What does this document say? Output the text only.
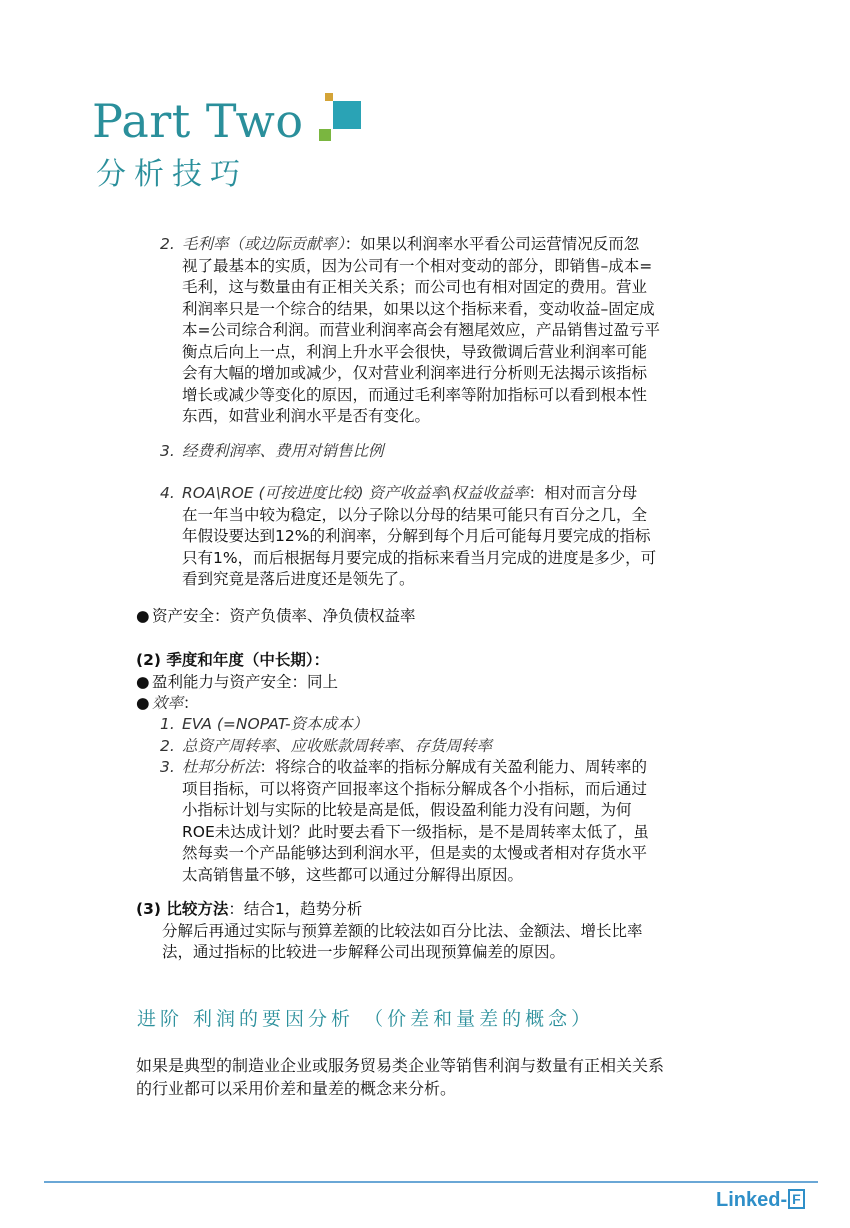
Part Two
分析技巧
2. 毛利率（或边际贡献率）：如果以利润率水平看公司运营情况反而忽
视了最基本的实质，因为公司有一个相对变动的部分，即销售–成本=
毛利，这与数量由有正相关关系；而公司也有相对固定的费用。营业
利润率只是一个综合的结果，如果以这个指标来看，变动收益–固定成
本=公司综合利润。而营业利润率高会有翘尾效应，产品销售过盈亏平
衡点后向上一点，利润上升水平会很快，导致微调后营业利润率可能
会有大幅的增加或减少，仅对营业利润率进行分析则无法揭示该指标
增长或减少等变化的原因，而通过毛利率等附加指标可以看到根本性
东西，如营业利润水平是否有变化。
3. 经费利润率、费用对销售比例
4. ROA\ROE (可按进度比较) 资产收益率\权益收益率：相对而言分母
在一年当中较为稳定，以分子除以分母的结果可能只有百分之几，全
年假设要达到12%的利润率，分解到每个月后可能每月要完成的指标
只有1%，而后根据每月要完成的指标来看当月完成的进度是多少，可
看到究竟是落后进度还是领先了。
● 资产安全：资产负债率、净负债权益率
(2) 季度和年度（中长期）：
● 盈利能力与资产安全：同上
● 效率：
1. EVA (=NOPAT-资本成本）
2. 总资产周转率、应收账款周转率、存货周转率
3. 杜邦分析法：将综合的收益率的指标分解成有关盈利能力、周转率的
项目指标，可以将资产回报率这个指标分解成各个小指标，而后通过
小指标计划与实际的比较是高是低，假设盈利能力没有问题，为何
ROE未达成计划？此时要去看下一级指标，是不是周转率太低了，虽
然每卖一个产品能够达到利润水平，但是卖的太慢或者相对存货水平
太高销售量不够，这些都可以通过分解得出原因。
(3) 比较方法：结合1，趋势分析
分解后再通过实际与预算差额的比较法如百分比法、金额法、增长比率
法，通过指标的比较进一步解释公司出现预算偏差的原因。
进阶 利润的要因分析 （价差和量差的概念）
如果是典型的制造业企业或服务贸易类企业等销售利润与数量有正相关关系
的行业都可以采用价差和量差的概念来分析。
Linked- F
